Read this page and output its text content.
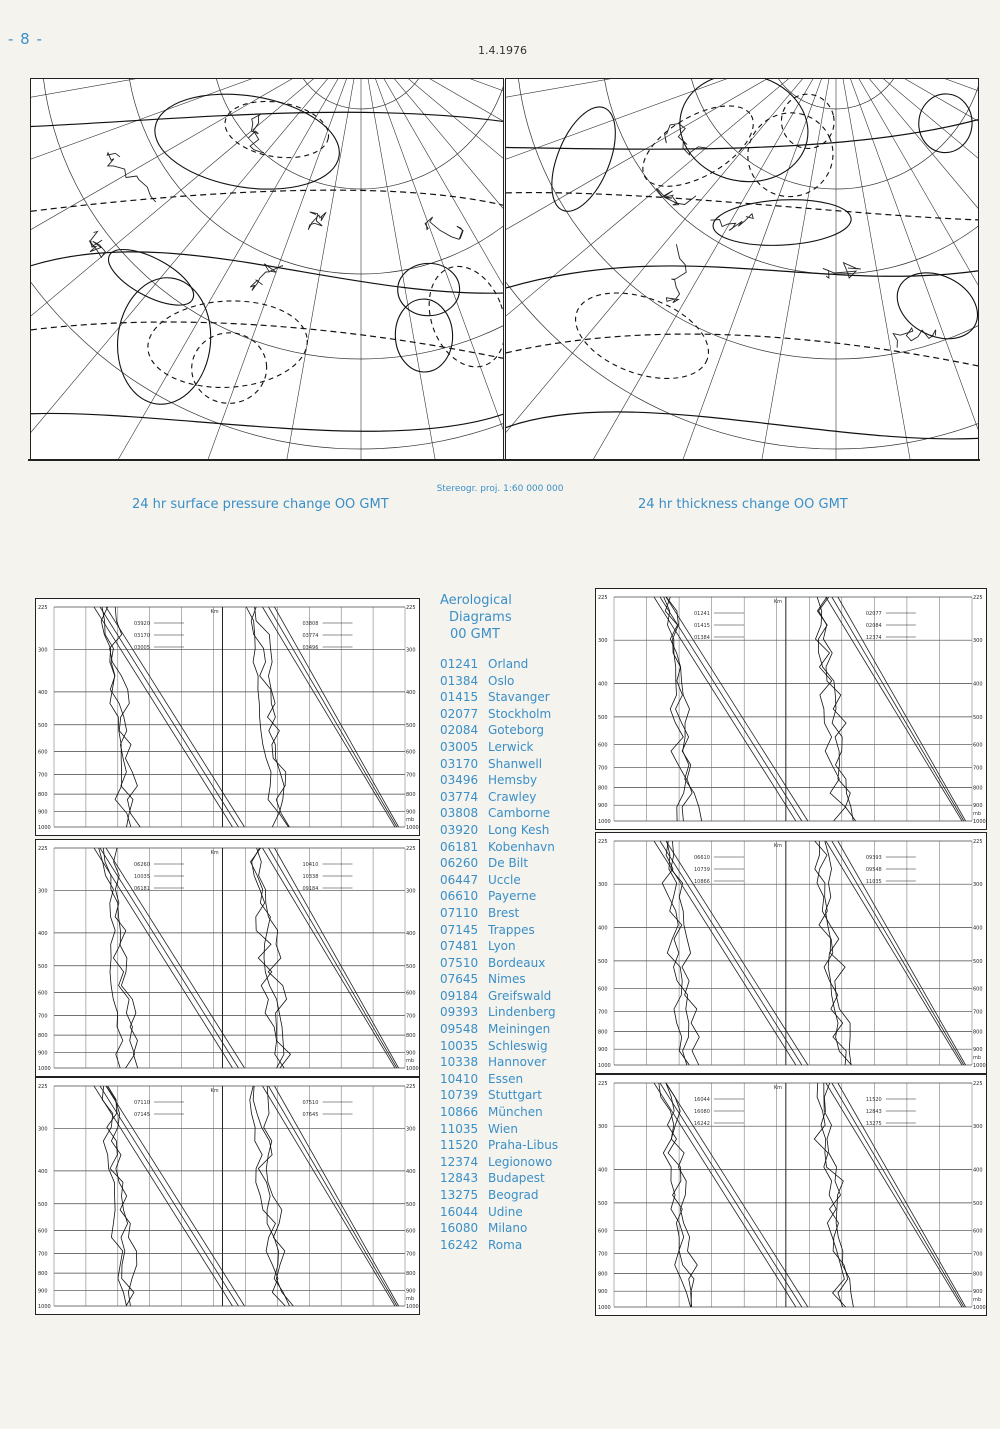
- 8 -
1.4.1976
Stereogr. proj. 1:60 000 000
24 hr surface pressure change OO GMT	24 hr thickness change OO GMT
225	225
300	300
400	400
500	500
600	600
700	700
800	800
900	900
1000	1000
Km
mb
03920
03170
03005
03808
03774
03496
225	225
300	300
400	400
500	500
600	600
700	700
800	800
900	900
1000	1000
Km
mb
06260
10035
06181
10410
10338
09184
225	225
300	300
400	400
500	500
600	600
700	700
800	800
900	900
1000	1000
Km
mb
07110
07145
07510
07645
225	225
300	300
400	400
500	500
600	600
700	700
800	800
900	900
1000	1000
Km
mb
01241
01415
01384
02077
02084
12374
225	225
300	300
400	400
500	500
600	600
700	700
800	800
900	900
1000	1000
Km
mb
06610
10739
10866
09393
09548
11035
225	225
300	300
400	400
500	500
600	600
700	700
800	800
900	900
1000	1000
Km
mb
16044
16080
16242
11520
12843
13275
Aerological
Diagrams
00 GMT
01241 Orland
01384 Oslo
01415 Stavanger
02077 Stockholm
02084 Goteborg
03005 Lerwick
03170 Shanwell
03496 Hemsby
03774 Crawley
03808 Camborne
03920 Long Kesh
06181 Kobenhavn
06260 De Bilt
06447 Uccle
06610 Payerne
07110 Brest
07145 Trappes
07481 Lyon
07510 Bordeaux
07645 Nimes
09184 Greifswald
09393 Lindenberg
09548 Meiningen
10035 Schleswig
10338 Hannover
10410 Essen
10739 Stuttgart
10866 München
11035 Wien
11520 Praha-Libus
12374 Legionowo
12843 Budapest
13275 Beograd
16044 Udine
16080 Milano
16242 Roma
